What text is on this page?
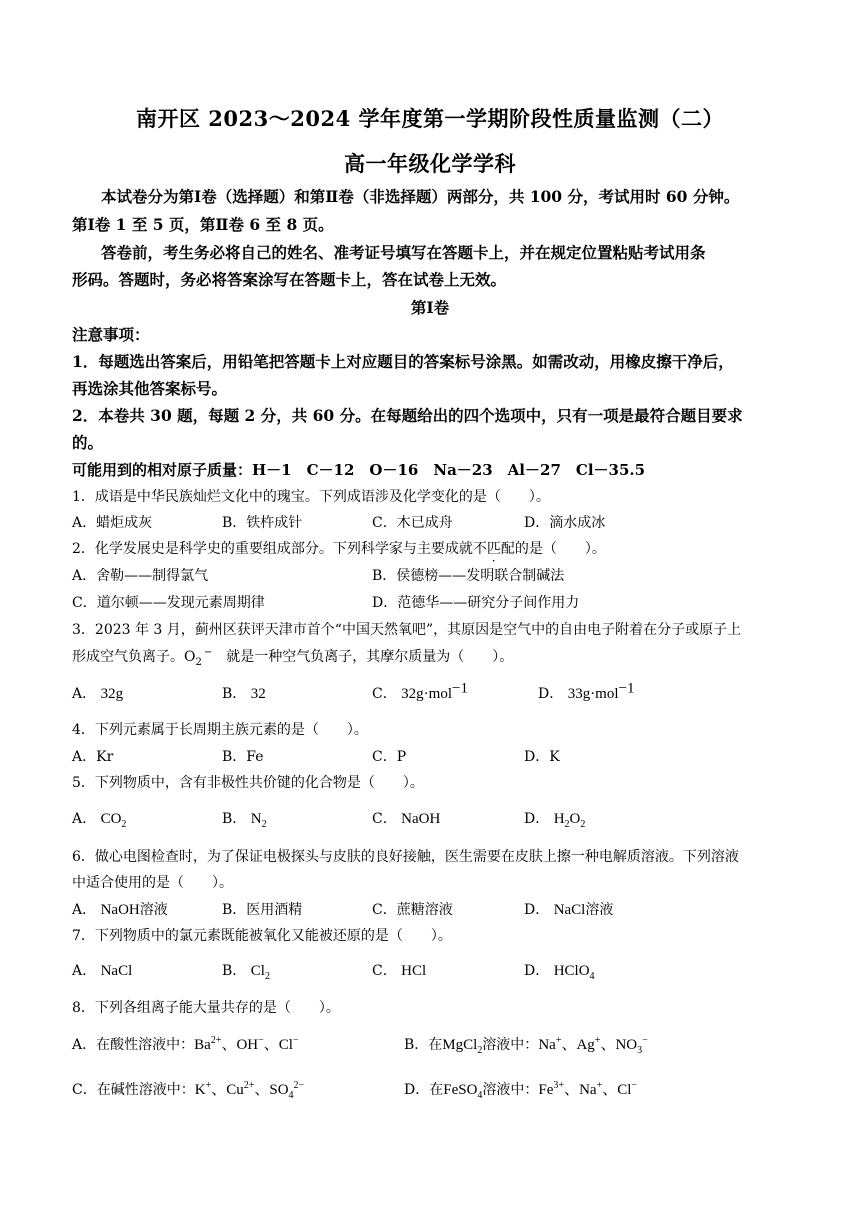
南开区 2023～2024 学年度第一学期阶段性质量监测（二）
高一年级化学学科
本试卷分为第Ⅰ卷（选择题）和第Ⅱ卷（非选择题）两部分，共 100 分，考试用时 60 分钟。
第Ⅰ卷 1 至 5 页，第Ⅱ卷 6 至 8 页。
答卷前，考生务必将自己的姓名、准考证号填写在答题卡上，并在规定位置粘贴考试用条
形码。答题时，务必将答案涂写在答题卡上，答在试卷上无效。
第Ⅰ卷
注意事项：
1．每题选出答案后，用铅笔把答题卡上对应题目的答案标号涂黑。如需改动，用橡皮擦干净后，
再选涂其他答案标号。
2．本卷共 30 题，每题 2 分，共 60 分。在每题给出的四个选项中，只有一项是最符合题目要求
的。
可能用到的相对原子质量：H－1　C－12　O－16　Na－23　Al－27　Cl－35.5
1．成语是中华民族灿烂文化中的瑰宝。下列成语涉及化学变化的是（　　）。
A．蜡炬成灰	B．铁杵成针	C．木已成舟	D．滴水成冰
2．化学发展史是科学史的重要组成部分。下列科学家与主要成就不匹配的是（　　）。
A．舍勒——制得氯气	B．侯德榜——发明联合制碱法
C．道尔顿——发现元素周期律	D．范德华——研究分子间作用力
3．2023 年 3 月，蓟州区获评天津市首个“中国天然氧吧”，其原因是空气中的自由电子附着在分子或原子上
形成空气负离子。$O_2^-$　 就是一种空气负离子，其摩尔质量为（　　）。
A． 32g	B． 32	C． 32g·mol$^{-1}$	D． 33g·mol$^{-1}$
4．下列元素属于长周期主族元素的是（　　）。
A．Kr	B．Fe	C．P	D．K
5．下列物质中，含有非极性共价键的化合物是（　　）。
A． $CO_2$	B． $N_2$	C． NaOH	D． $H_2O_2$
6．做心电图检查时，为了保证电极探头与皮肤的良好接触，医生需要在皮肤上擦一种电解质溶液。下列溶液
中适合使用的是（　　）。
A． NaOH溶液	B．医用酒精	C．蔗糖溶液	D． NaCl溶液
7．下列物质中的氯元素既能被氧化又能被还原的是（　　）。
A． NaCl	B． $Cl_2$	C． HCl	D． HClO$_4$
8．下列各组离子能大量共存的是（　　）。
A．在酸性溶液中：$Ba^{2+}$、OH−、Cl−	B．在MgCl$_2$溶液中：Na+、Ag+、$NO_3^-$
C．在碱性溶液中：K+、$Cu^{2+}$、$SO_4^{2-}$	D．在FeSO$_4$溶液中：$Fe^{3+}$、Na+、Cl−
